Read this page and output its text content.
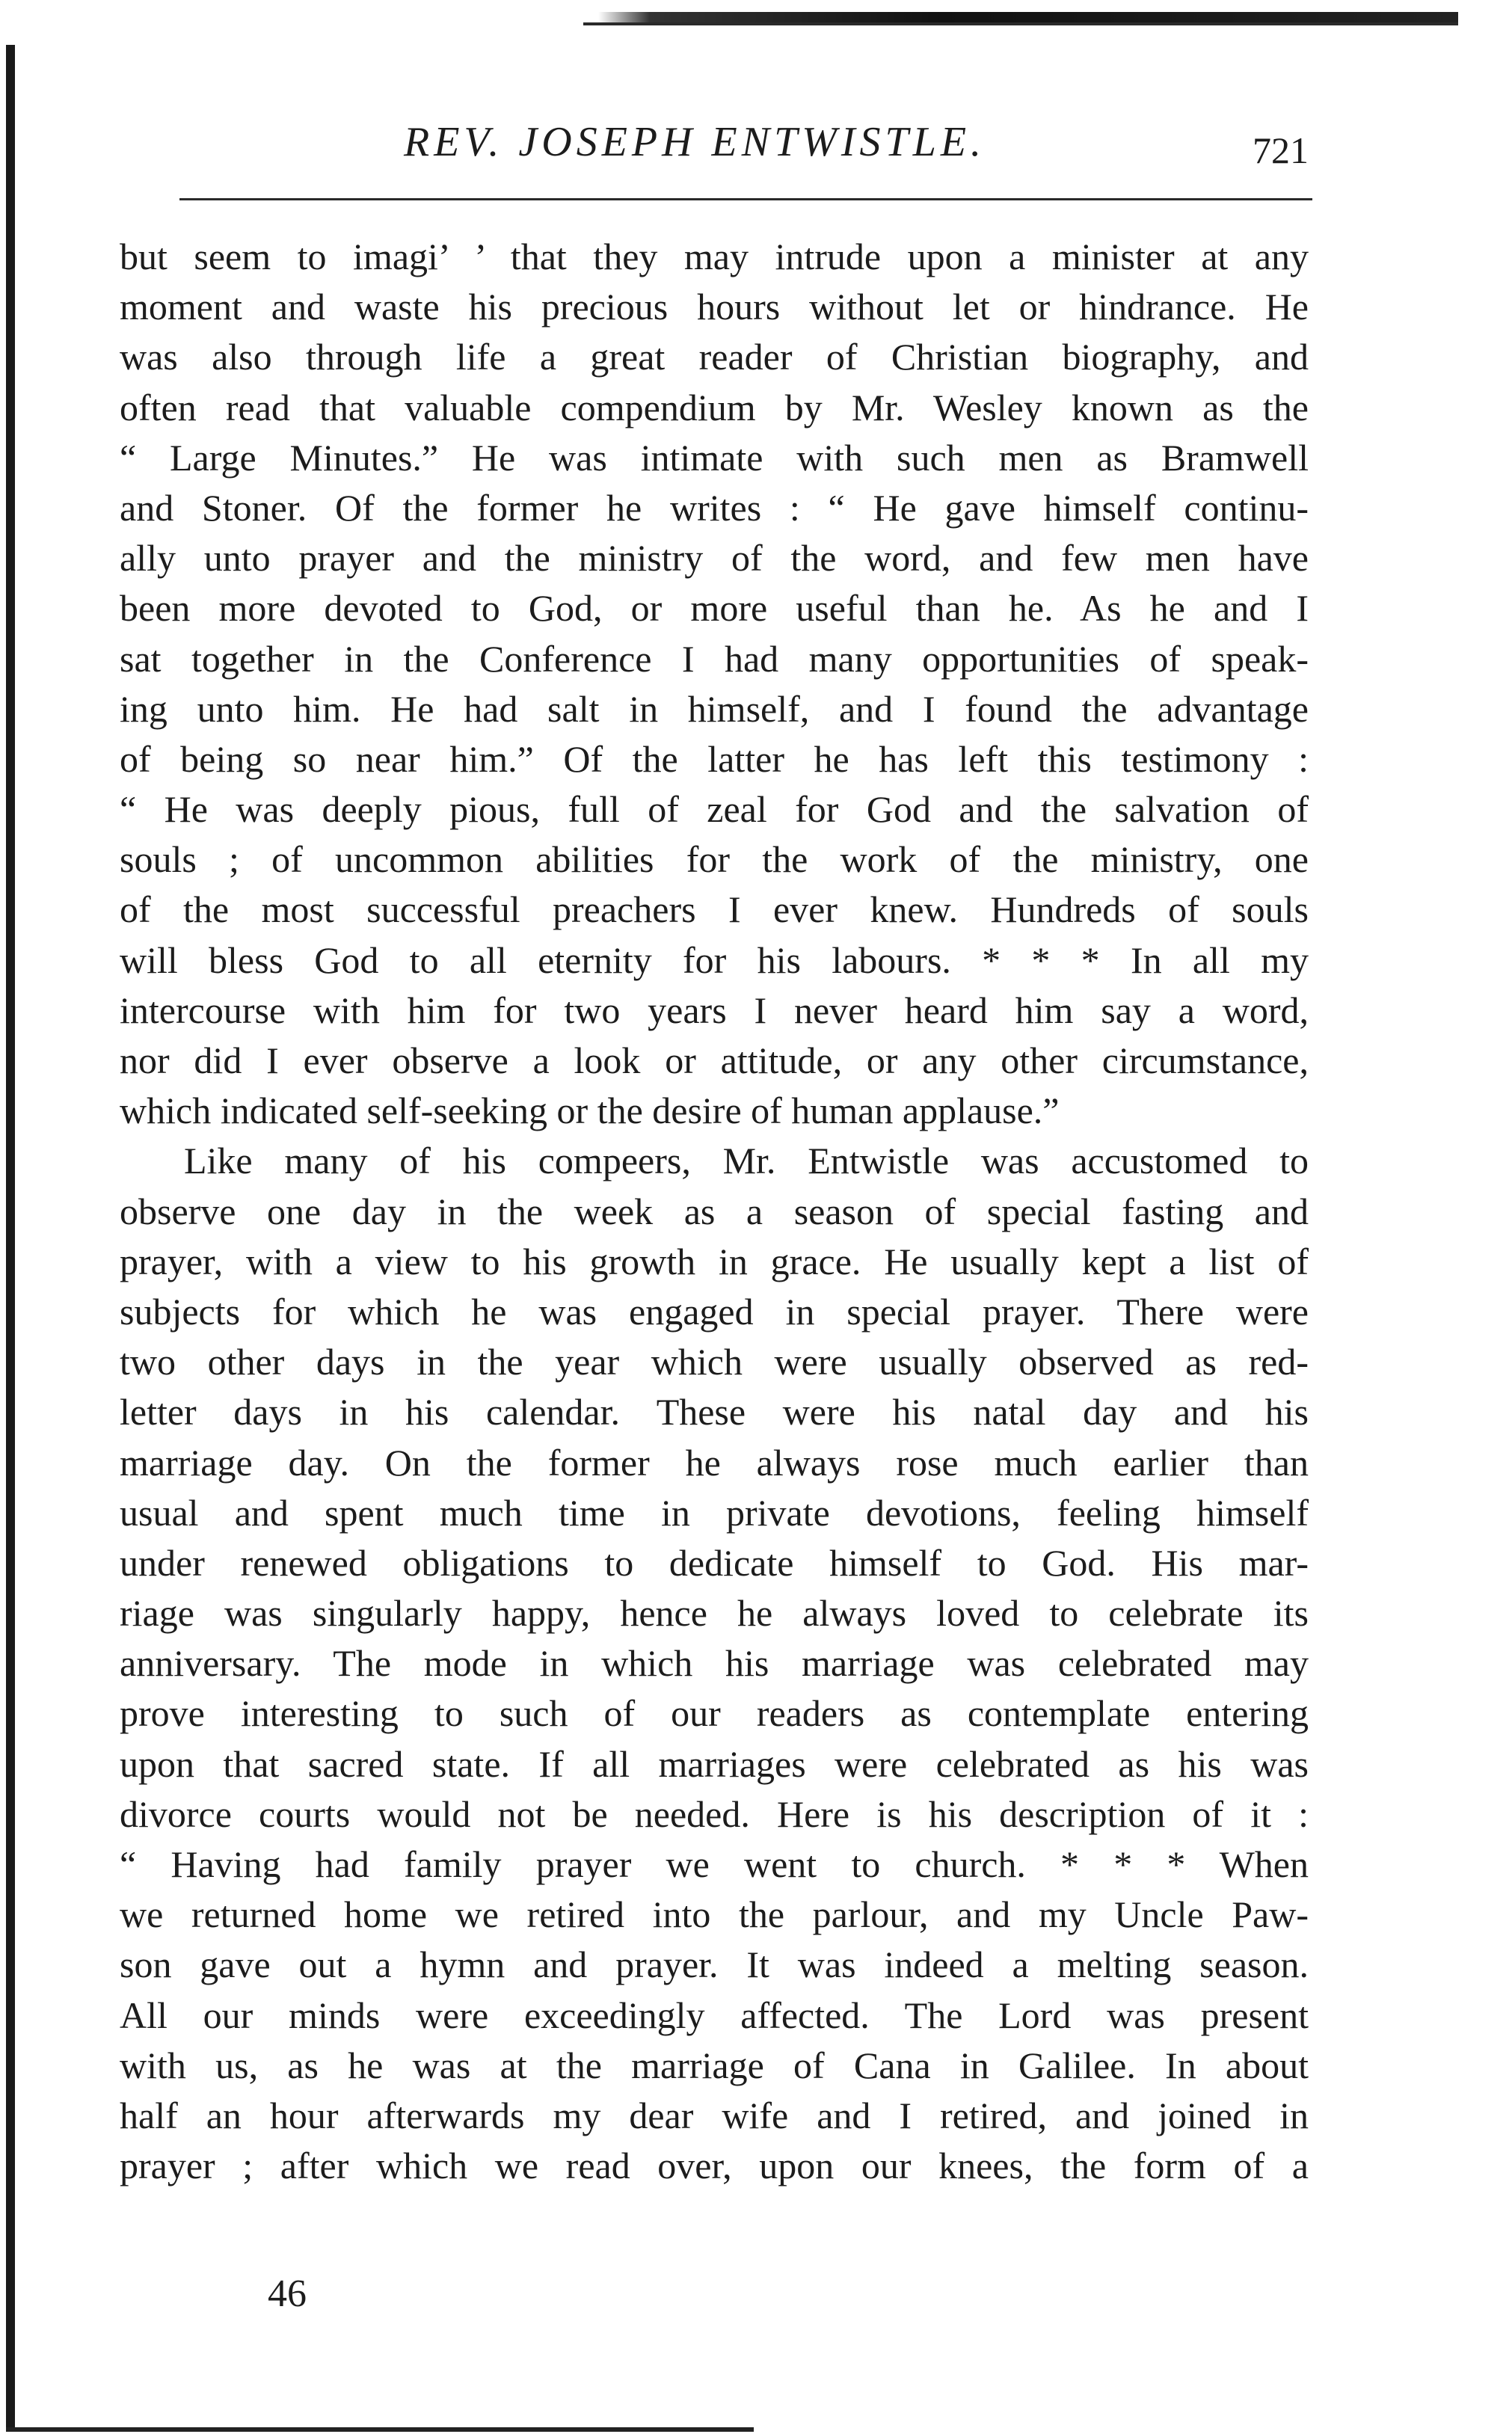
REV. JOSEPH ENTWISTLE.	721
but seem to imagi’ ’ that they may intrude upon a minister at any
moment and waste his precious hours without let or hindrance. He
was also through life a great reader of Christian biography, and
often read that valuable compendium by Mr. Wesley known as the
“ Large Minutes.” He was intimate with such men as Bramwell
and Stoner. Of the former he writes : “ He gave himself continu-
ally unto prayer and the ministry of the word, and few men have
been more devoted to God, or more useful than he. As he and I
sat together in the Conference I had many opportunities of speak-
ing unto him. He had salt in himself, and I found the advantage
of being so near him.” Of the latter he has left this testimony :
“ He was deeply pious, full of zeal for God and the salvation of
souls ; of uncommon abilities for the work of the ministry, one
of the most successful preachers I ever knew. Hundreds of souls
will bless God to all eternity for his labours. * * * In all my
intercourse with him for two years I never heard him say a word,
nor did I ever observe a look or attitude, or any other circumstance,
which indicated self-seeking or the desire of human applause.”
Like many of his compeers, Mr. Entwistle was accustomed to
observe one day in the week as a season of special fasting and
prayer, with a view to his growth in grace. He usually kept a list of
subjects for which he was engaged in special prayer. There were
two other days in the year which were usually observed as red-
letter days in his calendar. These were his natal day and his
marriage day. On the former he always rose much earlier than
usual and spent much time in private devotions, feeling himself
under renewed obligations to dedicate himself to God. His mar-
riage was singularly happy, hence he always loved to celebrate its
anniversary. The mode in which his marriage was celebrated may
prove interesting to such of our readers as contemplate entering
upon that sacred state. If all marriages were celebrated as his was
divorce courts would not be needed. Here is his description of it :
“ Having had family prayer we went to church. * * * When
we returned home we retired into the parlour, and my Uncle Paw-
son gave out a hymn and prayer. It was indeed a melting season.
All our minds were exceedingly affected. The Lord was present
with us, as he was at the marriage of Cana in Galilee. In about
half an hour afterwards my dear wife and I retired, and joined in
prayer ; after which we read over, upon our knees, the form of a
46
